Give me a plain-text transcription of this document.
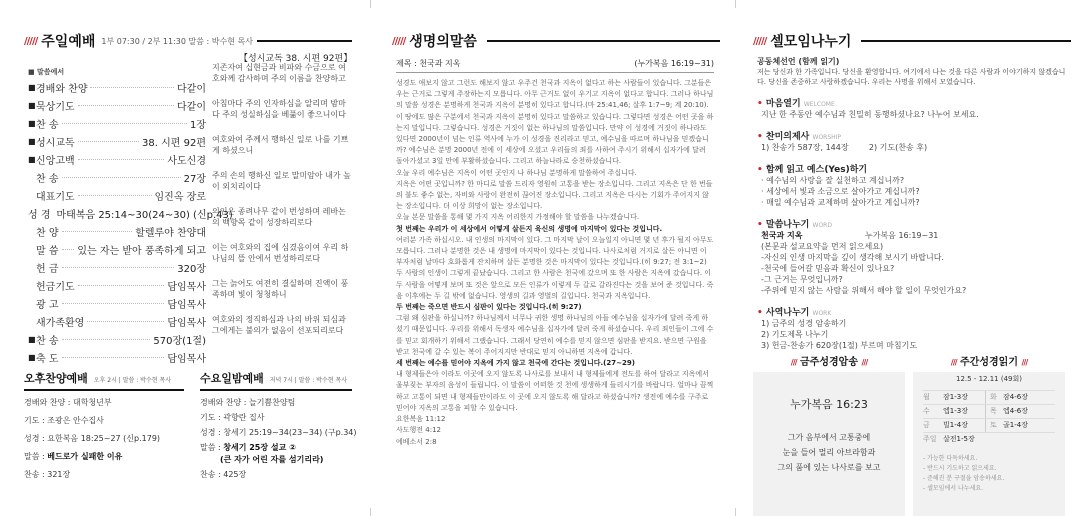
///// 주일예배 1부 07:30 / 2부 11:30 말씀 : 박수현 목사
【성시교독 38. 시편 92편】
■ 말씀에서
■ 경배와 찬양	다같이
■ 묵상기도	다같이
■ 찬 송	1장
■ 성시교독	38. 시편 92편
■ 신앙고백	사도신경
찬 송	27장
대표기도	임진옥 장로
성 경 마태복음 25:14~30(24~30) (신p.43)
찬 양	할렐루야 찬양대
말 씀 있는 자는 받아 풍족하게 되고
헌 금	320장
헌금기도	담임목사
광 고	담임목사
새가족환영	담임목사
■ 찬 송	570장(1절)
■ 축 도	담임목사
지존자여 십현금과 비파와 수금으로 여호와께 감사하며 주의 이름을 찬양하고
아침마다 주의 인자하심을 알리며 밤마다 주의 성실하심을 베풂이 좋으니이다
여호와여 주께서 행하신 일로 나를 기쁘게 하셨으니
주의 손의 행하신 일로 말미암아 내가 높이 외치리이다
의인은 종려나무 같이 번성하며 레바논의 백향목 같이 성장하리로다
이는 여호와의 집에 심겼음이여 우리 하나님의 뜰 안에서 번성하리로다
그는 늙어도 여전히 결실하며 진액이 풍족하며 빛이 청청하니
여호와의 정직하심과 나의 바위 되심과 그에게는 불의가 없음이 선포되리로다
오후찬양예배 오후 2시 | 말씀 : 박수현 목사
경배와 찬양 : 대학청년부
기도 : 조광은 안수집사
성경 : 요한복음 18:25~27 (신p.179)
말씀 : 베드로가 실패한 이유
찬송 : 321장
수요일밤예배 저녁 7시 | 말씀 : 박수현 목사
경배와 찬양 : 늘기쁨찬양팀
기도 : 곽향란 집사
성경 : 창세기 25:19~34(23~34) (구p.34)
말씀 : 창세기 25장 설교 ②
(큰 자가 어린 자를 섬기리라)
찬송 : 425장
///// 생명의말씀
제목 : 천국과 지옥	(누가복음 16:19~31)

성경도 애보지 않고 그런도 해보지 않고 우주건 천국과 지옥이 없다고 하는 사람들이 있습니다. 그분들은 우는 근거로 그렇게 주장하는지 모릅니다. 아무 근거도 없이 우기고 지옥이 없다고 합니다. 그러나 하나님의 말씀 성경은 분명하게 천국과 지옥이 분명히 있다고 합니다.(마 25:41,46; 살후 1:7~9; 계 20:10). 이 땅에도 많은 구분에서 천국과 지옥이 분명히 있다고 말씀하고 있습니다. 그렇다면 성경은 어떤 곳을 하는지 말입니다. 그렇습니다. 성경은 거짓이 없는 하나님의 말씀입니다. 만약 이 성경에 거짓이 하나라도 있다면 2000년이 넘는 인류 역사에 누가 이 성경을 진리라고 믿고, 예수님을 따르며 하나님을 믿겠습니까? 예수님은 분명 2000년 전에 이 세상에 오셨고 우리들의 죄를 사하여 주시기 위해서 십자가에 달려 돌아가셨고 3일 만에 부활하셨습니다. 그리고 하늘나라로 승천하셨습니다.

오늘 우리 예수님은 지옥이 어떤 곳인지 나 하나님 분명하게 말씀하여 주십니다.

지옥은 어떤 곳입니까? 한 마디로 말씀 드리자 영원히 고통을 받는 장소입니다. 그리고 지옥은 단 한 번들의 불도 좋수 없는, 자비와 사랑이 완전히 끊어진 장소입니다. 그리고 지옥은 다시는 기회가 주어지지 않는 장소입니다. 더 이상 희망이 없는 장소입니다.

오늘 본문 말씀을 통해 몇 가지 지옥 어리한지 가정해야 할 말씀을 나누겠습니다.

첫 번째는 우리가 이 세상에서 어떻게 살든지 육신의 생명에 마지막이 있다는 것입니다.

여러분 가족 하십시오. 내 인생의 마지막이 있다. 그 마지막 날이 오늘일지 아니면 몇 년 후가 될지 아무도 모릅니다. 그러나 분명한 것은 내 생명에 마지막이 있다는 것입니다. 나사로처럼 거지로 살든 아니면 이 부자처럼 날마다 호화롭게 잔치하며 살든 분명한 것은 마지막이 있다는 것입니다.(히 9:27; 전 3:1~2)

두 사람의 인생이 그렇게 끝났습니다. 그리고 한 사람은 천국에 갔으며 또 한 사람은 지옥에 갔습니다. 이 두 사람을 어떻게 보며 또 것은 앞으로 모든 인류가 이렇게 두 갈로 갈라진다는 것을 보여 준 것입니다. 죽음 이후에는 두 길 밖에 없습니다. 영생의 길과 영벌의 길입니다. 천국과 지옥입니다.

두 번째는 죽으면 반드시 심판이 있다는 것입니다.(히 9:27)

그럼 왜 심판을 하실니까? 하나님께서 너무나 귀한 생명 하나님의 아들 예수님을 십자가에 달려 죽게 하셨기 때문입니다. 우리를 위해서 독생자 예수님을 십자가에 달려 죽게 하셨습니다. 우리 죄인들이 그에 수를 믿고 회개하기 위해서 그랬습니다. 그래서 당연히 예수를 믿지 않으면 심판을 받지요. 받으면 구원을 받고 천국에 갈 수 있는 복이 주어지지만 반대로 믿지 아니하면 지옥에 갑니다.

세 번째는 예수를 믿어야 지옥에 가지 않고 천국에 간다는 것입니다.(27~29)

내 형제들은아 이라도 이곳에 오지 않도록 나사로를 보내서 내 형제들에게 전도를 하여 달라고 지옥에서 울부짖는 부자의 음성이 들립니다. 이 말씀이 어떠한 것 천에 생생하게 들리시기를 바랍니다. 얼마나 끔찍하고 고통이 되면 내 형제들만이라도 이 곳에 오지 않도록 해 달라고 하셨습니까? 생전에 예수를 구주로 믿어야 지옥의 고통을 피할 수 있습니다.

요한복음 11:12

사도행전 4:12

에베소서 2:8

///// 셀모임나누기
공동체선언 (함께 읽기)
저는 당신과 한 가족입니다. 당신을 환영합니다. 여기에서 나는 것을 다른 사람과 이야기하지 않겠습니다. 당신을 존중하고 사랑하겠습니다. 우리는 사명을 위해서 모였습니다.
• 마음열기 WELCOME
지난 한 주동안 예수님과 친밀히 동행하셨나요? 나누어 보세요.
• 찬미의제사 WORSHIP
1) 찬송가 587장, 144장        2) 기도(찬송 후)
• 함께 읽고 예스(Yes)하기
· 예수님의 사랑을 잘 실천하고 계십니까?
· 세상에서 빛과 소금으로 살아가고 계십니까?
· 매일 예수님과 교제하며 살아가고 계십니까?
• 말씀나누기 WORD
천국과 지옥	누가복음 16:19~31
(본문과 설교요약을 먼저 읽으세요)
-자신의 인생 마지막을 깊이 생각해 보시기 바랍니다.
-천국에 들어갈 믿음과 확신이 있나요?
-그 근거는 무엇입니까?
-주위에 믿지 않는 사람을 위해서 해야 할 일이 무엇인가요?
• 사역나누기 WORK
1) 금주의 성경 암송하기
2) 기도제목 나누기
3) 헌금-찬송가 620장(1절) 부르며 마침기도
/// 금주성경암송 ///
누가복음 16:23
그가 음부에서 고통중에
눈을 들어 멀리 아브라함과
그의 품에 있는 나사로를 보고
/// 주간성경읽기 ///
12.5 - 12.11 (49회)
월	잠1-3장	화 잠4-6장
수	엡1-3장	목 엡4-6장
금	빌1-4장	토 골1-4장
주일 살전1-5장
- 가능한 다독하세요.
- 반드시 기도하고 읽으세요.
- 준해진 분 구절을 암송하세요.
- 셀모임에서 나누세요.
